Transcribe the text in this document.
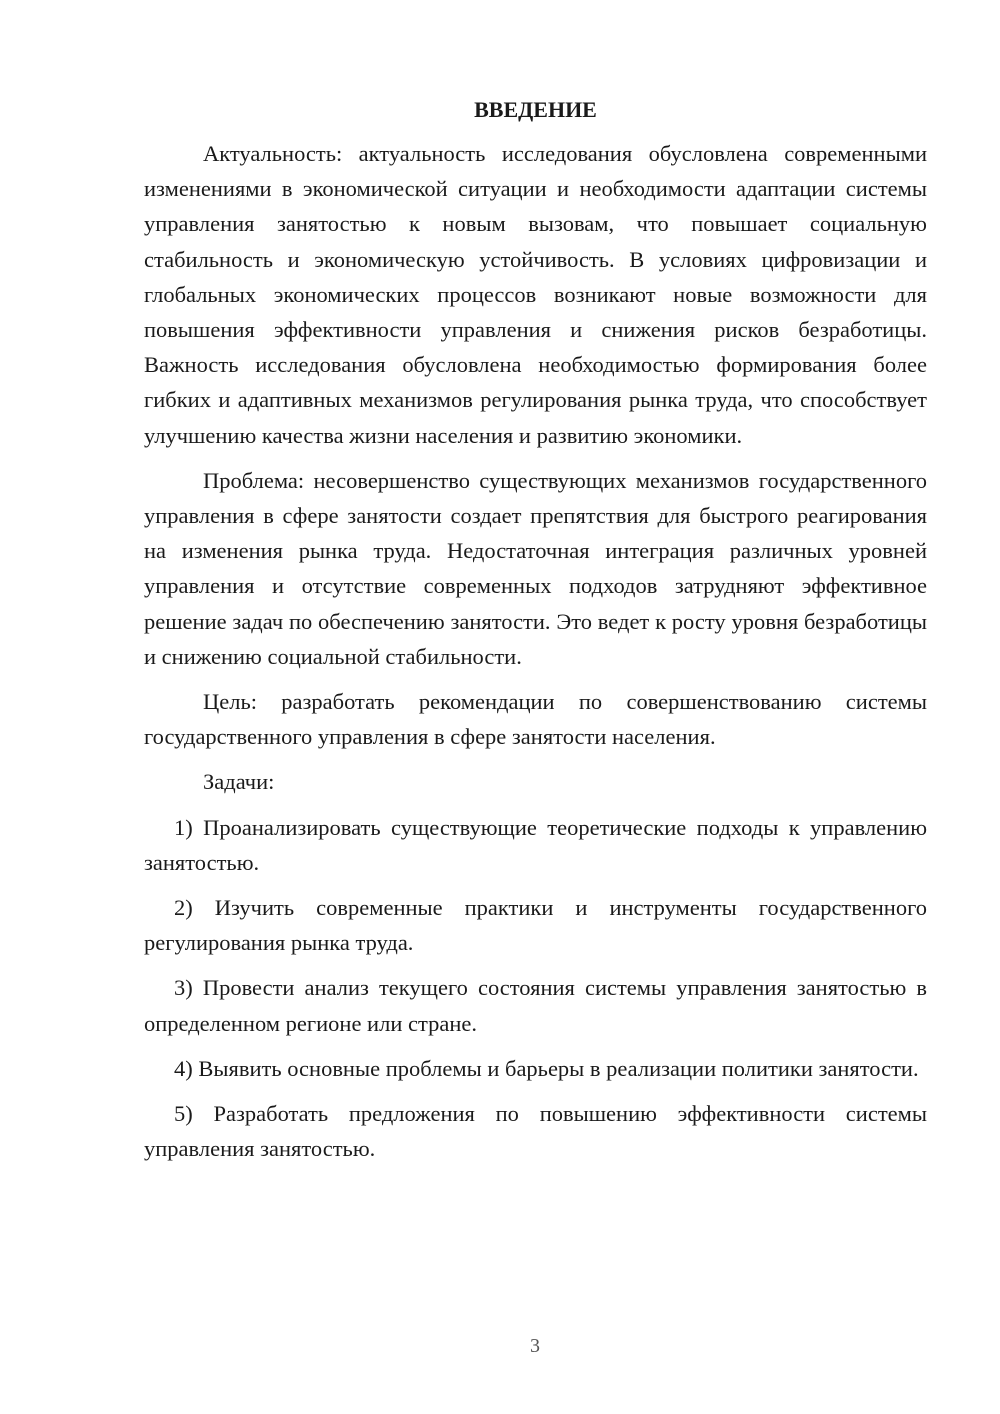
ВВЕДЕНИЕ

Актуальность: актуальность исследования обусловлена современными изменениями в экономической ситуации и необходимости адаптации системы управления занятостью к новым вызовам, что повышает социальную стабильность и экономическую устойчивость. В условиях цифровизации и глобальных экономических процессов возникают новые возможности для повышения эффективности управления и снижения рисков безработицы. Важность исследования обусловлена необходимостью формирования более гибких и адаптивных механизмов регулирования рынка труда, что способствует улучшению качества жизни населения и развитию экономики.

Проблема: несовершенство существующих механизмов государственного управления в сфере занятости создает препятствия для быстрого реагирования на изменения рынка труда. Недостаточная интеграция различных уровней управления и отсутствие современных подходов затрудняют эффективное решение задач по обеспечению занятости. Это ведет к росту уровня безработицы и снижению социальной стабильности.

Цель: разработать рекомендации по совершенствованию системы государственного управления в сфере занятости населения.

Задачи:

1) Проанализировать существующие теоретические подходы к управлению занятостью.

2) Изучить современные практики и инструменты государственного регулирования рынка труда.

3) Провести анализ текущего состояния системы управления занятостью в определенном регионе или стране.

4) Выявить основные проблемы и барьеры в реализации политики занятости.

5) Разработать предложения по повышению эффективности системы управления занятостью.

3
